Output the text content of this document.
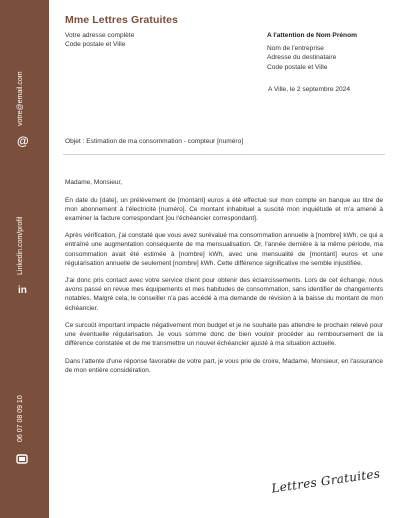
votre@email.com
@
Linkedin.com/profil
in
06 07 08 09 10
Mme Lettres Gratuites
Votre adresse complète
Code postale et Ville
A l'attention de Nom Prénom
Nom de l'entreprise
Adresse du destinataire
Code postale et Ville
A Ville, le 2 septembre 2024
Objet : Estimation de ma consommation - compteur [numéro]

Madame, Monsieur,

En date du [date], un prélèvement de [montant] euros a été effectué sur mon compte en banque au titre de mon abonnement à l'électricité [numéro]. Ce montant inhabituel a suscité mon inquiétude et m'a amené à examiner la facture correspondant [ou l'échéancier correspondant].

Après vérification, j'ai constaté que vous avez surévalué ma consommation annuelle à [nombre] kWh, ce qui a entraîné une augmentation conséquente de ma mensualisation. Or, l'année dernière à la même période, ma consommation avait été estimée à [nombre] kWh, avec une mensualité de [montant] euros et une régularisation annuelle de seulement [nombre] kWh. Cette différence significative me semble injustifiée.

J'ai donc pris contact avec votre service client pour obtenir des éclaircissements. Lors de cet échange, nous avons passé en revue mes équipements et mes habitudes de consommation, sans identifier de changements notables. Malgré cela, le conseiller n'a pas accédé à ma demande de révision à la baisse du montant de mon échéancier.

Ce surcoût important impacte négativement mon budget et je ne souhaite pas attendre le prochain relevé pour une éventuelle régularisation. Je vous somme donc de bien vouloir procéder au remboursement de la différence constatée et de me transmettre un nouvel échéancier ajusté à ma situation actuelle.

Dans l'attente d'une réponse favorable de votre part, je vous prie de croire, Madame, Monsieur, en l'assurance de mon entière considération.

Lettres Gratuites
